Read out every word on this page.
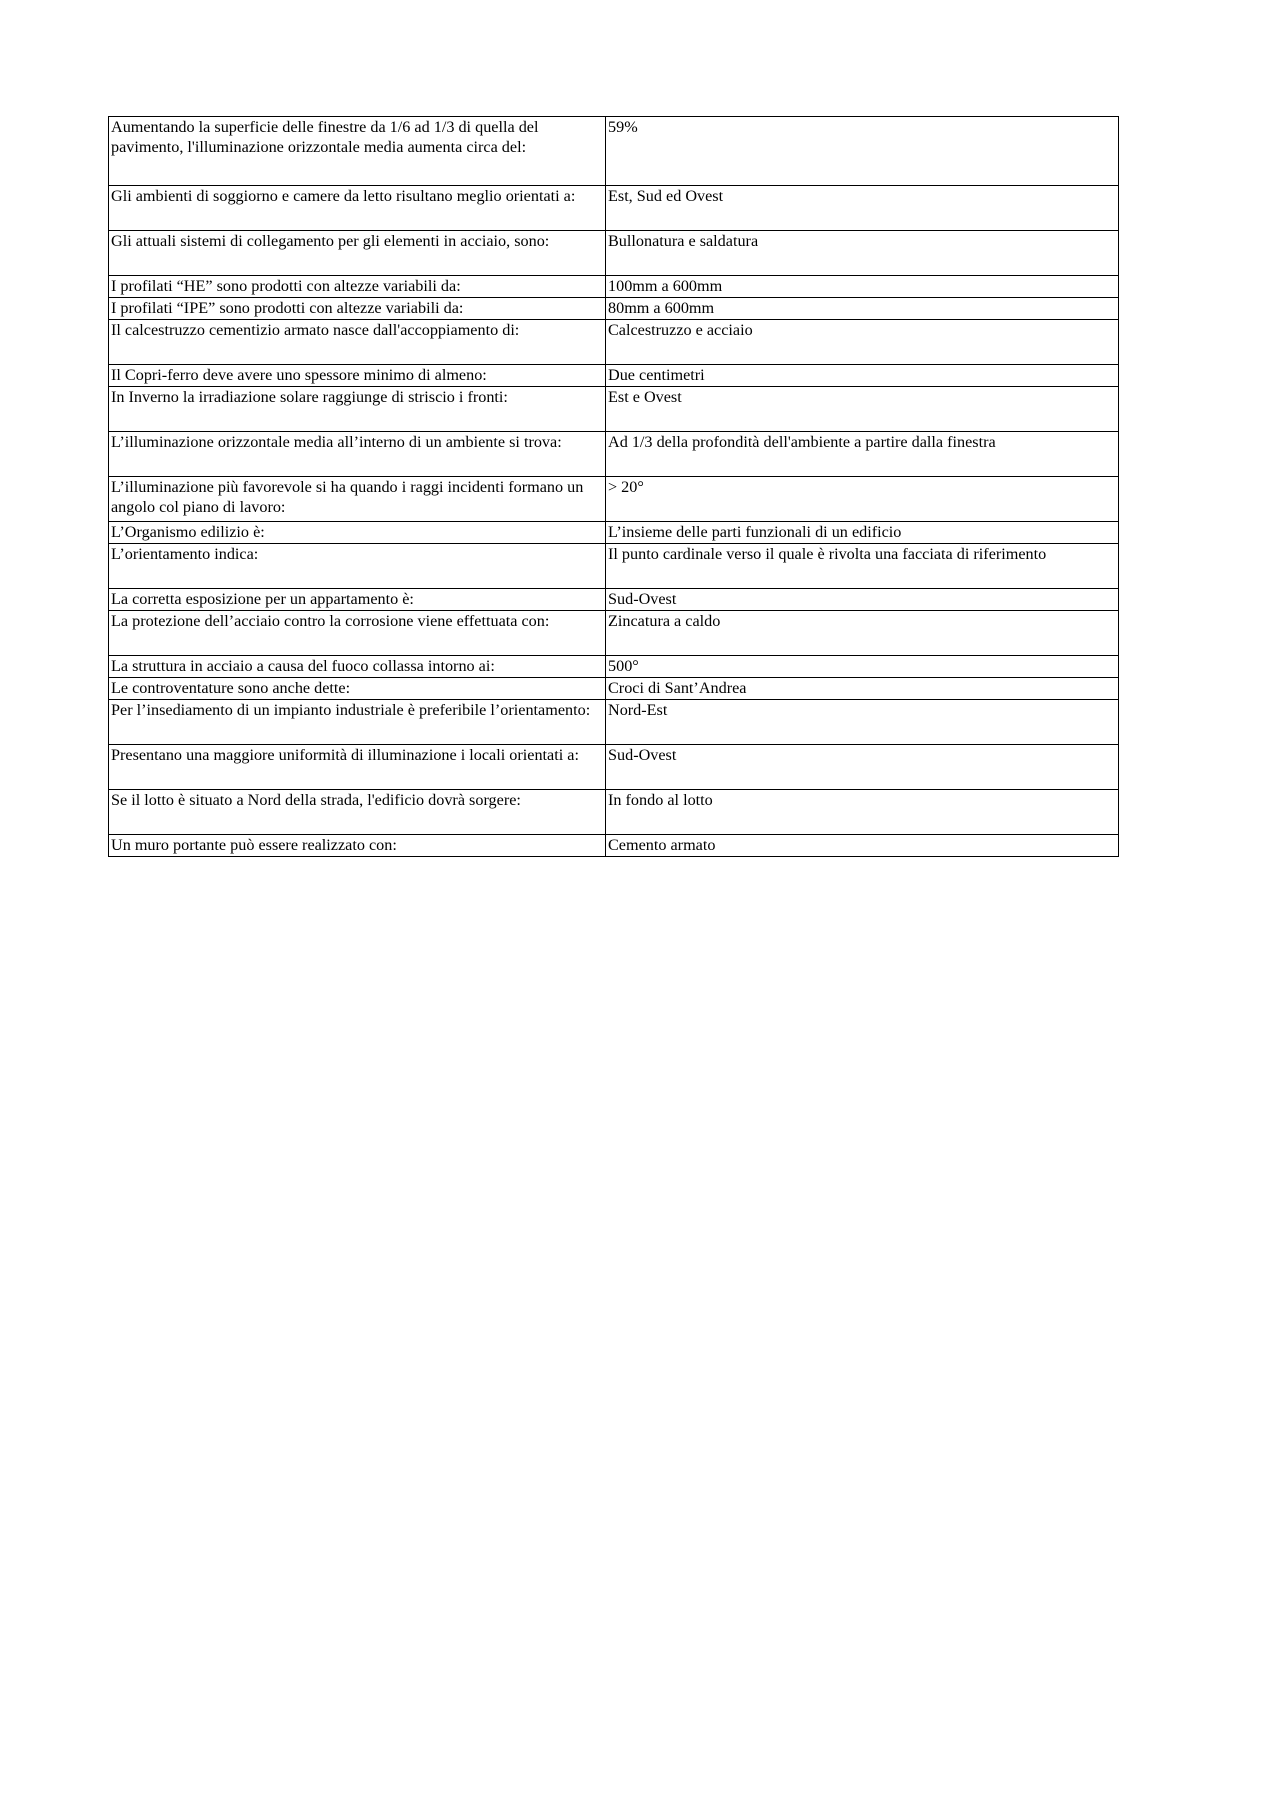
Aumentando la superficie delle finestre da 1/6 ad 1/3 di quella del pavimento, l'illuminazione orizzontale media aumenta circa del:	59%
Gli ambienti di soggiorno e camere da letto risultano meglio orientati a:	Est, Sud ed Ovest
Gli attuali sistemi di collegamento per gli elementi in acciaio, sono:	Bullonatura e saldatura
I profilati “HE” sono prodotti con altezze variabili da:	100mm a 600mm
I profilati “IPE” sono prodotti con altezze variabili da:	80mm a 600mm
Il calcestruzzo cementizio armato nasce dall'accoppiamento di:	Calcestruzzo e acciaio
Il Copri-ferro deve avere uno spessore minimo di almeno:	Due centimetri
In Inverno la irradiazione solare raggiunge di striscio i fronti:	Est e Ovest
L’illuminazione orizzontale media all’interno di un ambiente si trova:	Ad 1/3 della profondità dell'ambiente a partire dalla finestra
L’illuminazione più favorevole si ha quando i raggi incidenti formano un angolo col piano di lavoro:	> 20°
L’Organismo edilizio è:	L’insieme delle parti funzionali di un edificio
L’orientamento indica:	Il punto cardinale verso il quale è rivolta una facciata di riferimento
La corretta esposizione per un appartamento è:	Sud-Ovest
La protezione dell’acciaio contro la corrosione viene effettuata con:	Zincatura a caldo
La struttura in acciaio a causa del fuoco collassa intorno ai:	500°
Le controventature sono anche dette:	Croci di Sant’Andrea
Per l’insediamento di un impianto industriale è preferibile l’orientamento:	Nord-Est
Presentano una maggiore uniformità di illuminazione i locali orientati a:	Sud-Ovest
Se il lotto è situato a Nord della strada, l'edificio dovrà sorgere:	In fondo al lotto
Un muro portante può essere realizzato con:	Cemento armato
